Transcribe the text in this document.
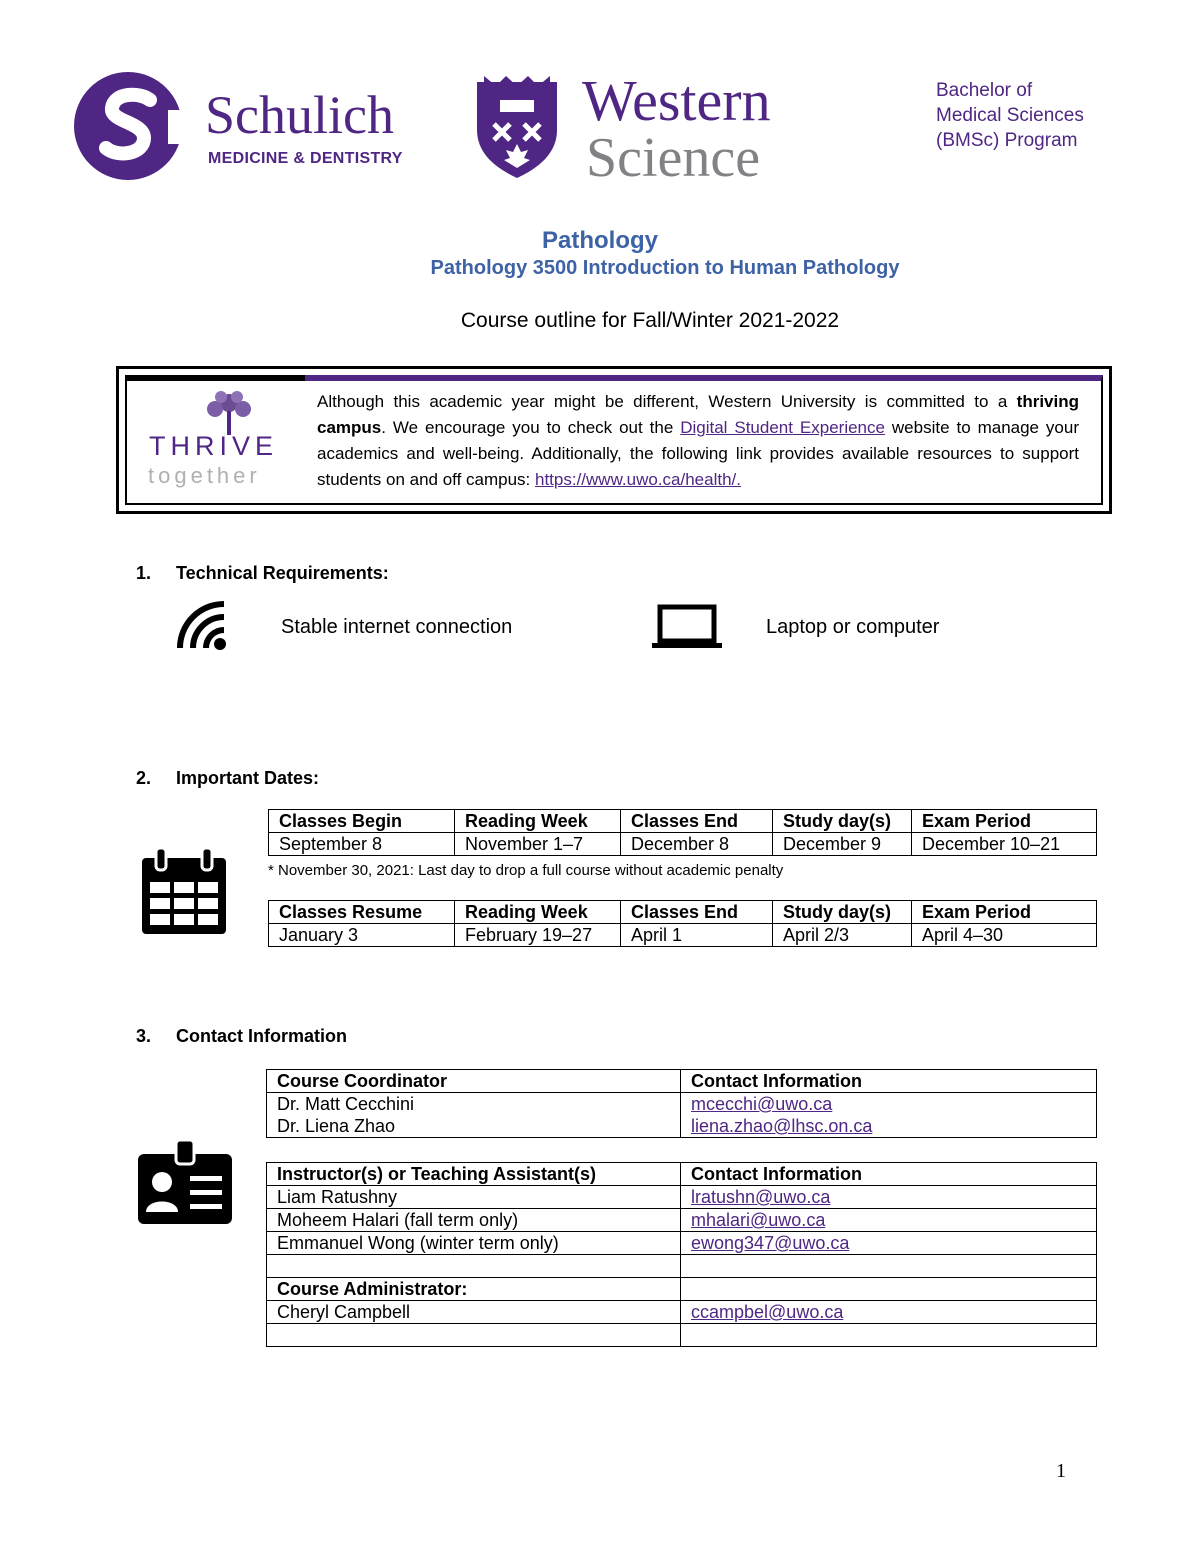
Schulich
MEDICINE & DENTISTRY
Western
Science
Bachelor of
Medical Sciences
(BMSc) Program
Pathology
Pathology 3500 Introduction to Human Pathology
Course outline for Fall/Winter 2021-2022
THRIVE
together
Although this academic year might be different, Western University is committed to a thriving campus. We encourage you to check out the Digital Student Experience website to manage your academics and well-being. Additionally, the following link provides available resources to support students on and off campus: https://www.uwo.ca/health/.
1. Technical Requirements:
Stable internet connection	Laptop or computer
2. Important Dates:
Classes Begin	Reading Week	Classes End	Study day(s)	Exam Period
September 8	November 1–7	December 8	December 9	December 10–21
* November 30, 2021: Last day to drop a full course without academic penalty
Classes Resume	Reading Week	Classes End	Study day(s)	Exam Period
January 3	February 19–27	April 1	April 2/3	April 4–30
3. Contact Information
Course Coordinator	Contact Information
Dr. Matt Cecchini	mcecchi@uwo.ca
Dr. Liena Zhao	liena.zhao@lhsc.on.ca
Instructor(s) or Teaching Assistant(s)	Contact Information
Liam Ratushny	lratushn@uwo.ca
Moheem Halari (fall term only)	mhalari@uwo.ca
Emmanuel Wong (winter term only)	ewong347@uwo.ca

Course Administrator:	
Cheryl Campbell	ccampbel@uwo.ca

1
